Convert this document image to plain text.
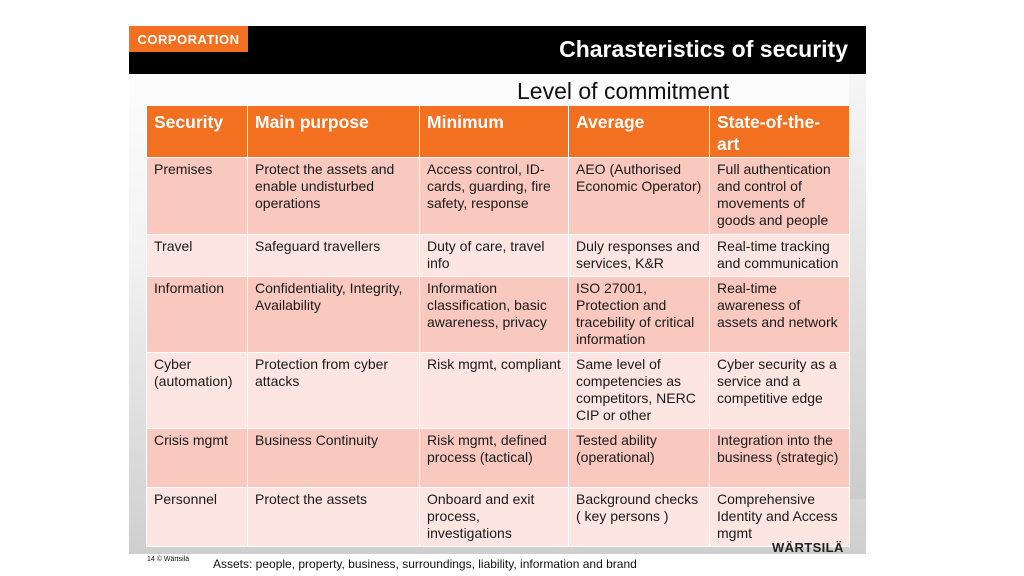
CORPORATION	Charasteristics of security
Level of commitment
Security	Main purpose	Minimum	Average	State-of-the-art
Premises	Protect the assets and enable undisturbed operations	Access control, ID-cards, guarding, fire safety, response	AEO (Authorised Economic Operator)	Full authentication and control of movements of goods and people
Travel	Safeguard travellers	Duty of care, travel info	Duly responses and services, K&R	Real-time tracking and communication
Information	Confidentiality, Integrity, Availability	Information classification, basic awareness, privacy	ISO 27001, Protection and tracebility of critical information	Real-time awareness of assets and network
Cyber (automation)	Protection from cyber attacks	Risk mgmt, compliant	Same level of competencies as competitors, NERC CIP or other	Cyber security as a service and a competitive edge
Crisis mgmt	Business Continuity	Risk mgmt, defined process (tactical)	Tested ability (operational)	Integration into the business (strategic)
Personnel	Protect the assets	Onboard and exit process, investigations	Background checks ( key persons )	Comprehensive Identity and Access mgmt
14 © Wärtsilä Assets: people, property, business, surroundings, liability, information and brand
WÄRTSILÄ
